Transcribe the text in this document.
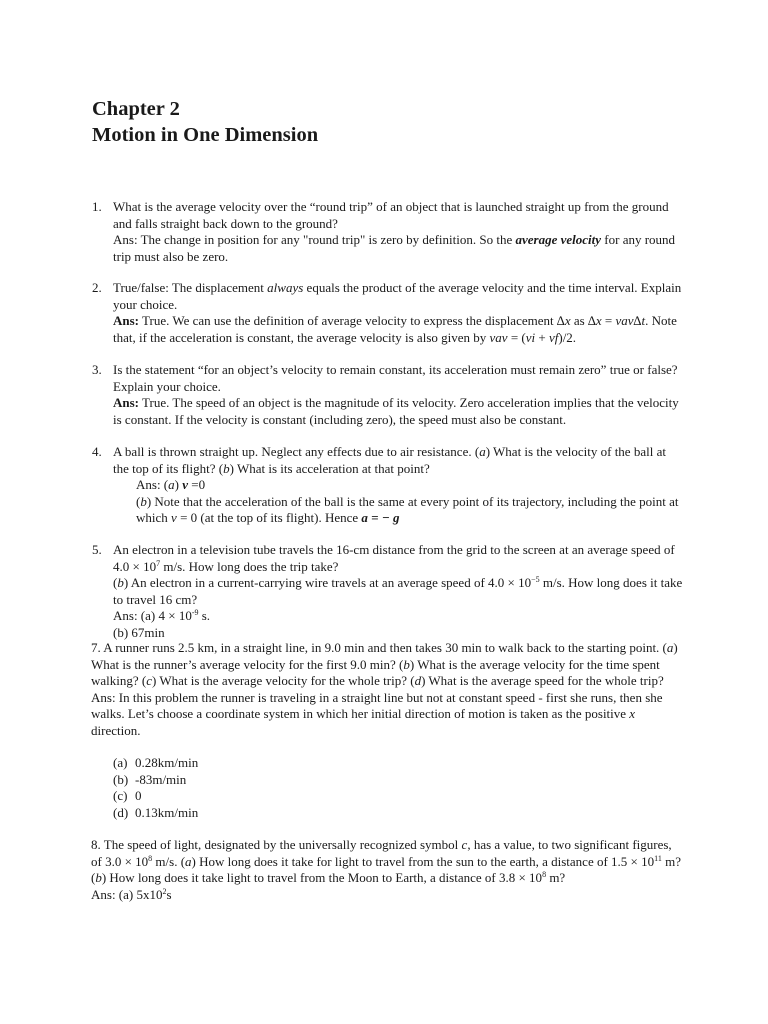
Chapter 2
Motion in One Dimension
1. What is the average velocity over the “round trip” of an object that is launched straight up from the ground and falls straight back down to the ground?

Ans: The change in position for any "round trip" is zero by definition. So the average velocity for any round trip must also be zero.

2. True/false: The displacement always equals the product of the average velocity and the time interval. Explain your choice.

Ans: True. We can use the definition of average velocity to express the displacement ∆x as ∆x = vav∆t. Note that, if the acceleration is constant, the average velocity is also given by vav = (vi + vf)/2.

3. Is the statement “for an object’s velocity to remain constant, its acceleration must remain zero” true or false? Explain your choice.

Ans: True. The speed of an object is the magnitude of its velocity. Zero acceleration implies that the velocity is constant. If the velocity is constant (including zero), the speed must also be constant.

4. A ball is thrown straight up. Neglect any effects due to air resistance. (a) What is the velocity of the ball at the top of its flight? (b) What is its acceleration at that point?

Ans: (a) v =0

(b) Note that the acceleration of the ball is the same at every point of its trajectory, including the point at which v = 0 (at the top of its flight). Hence a = − g

5. An electron in a television tube travels the 16-cm distance from the grid to the screen at an average speed of $4.0 \times 10^7$ m/s. How long does the trip take?

(b) An electron in a current-carrying wire travels at an average speed of $4.0 \times 10^{-5}$ m/s. How long does it take to travel 16 cm?

Ans: (a) $4 \times 10^{-9}$ s.

(b) 67min

7. A runner runs 2.5 km, in a straight line, in 9.0 min and then takes 30 min to walk back to the starting point. (a) What is the runner’s average velocity for the first 9.0 min? (b) What is the average velocity for the time spent walking? (c) What is the average velocity for the whole trip? (d) What is the average speed for the whole trip?

Ans: In this problem the runner is traveling in a straight line but not at constant speed - first she runs, then she walks. Let’s choose a coordinate system in which her initial direction of motion is taken as the positive x direction.

(a) 0.28km/min

(b) -83m/min

(c) 0

(d) 0.13km/min

8. The speed of light, designated by the universally recognized symbol c, has a value, to two significant figures, of $3.0 \times 10^8$ m/s. (a) How long does it take for light to travel from the sun to the earth, a distance of $1.5 \times 10^{11}$ m? (b) How long does it take light to travel from the Moon to Earth, a distance of $3.8 \times 10^8$ m?

Ans: (a) $5x10^2s$
